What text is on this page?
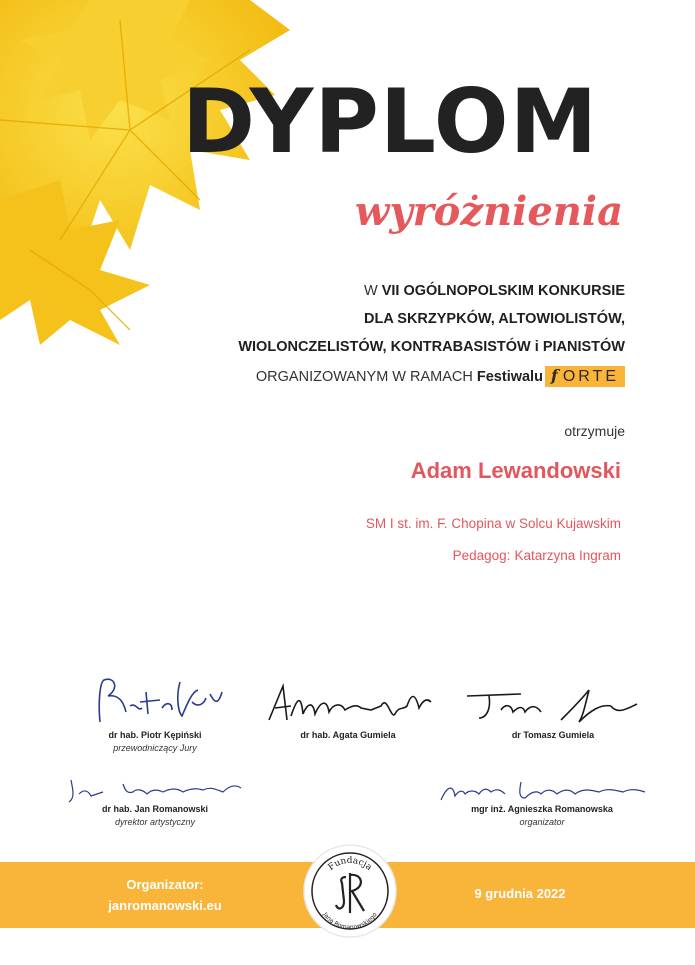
DYPLOM
wyróżnienia
W VII OGÓLNOPOLSKIM KONKURSIE
DLA SKRZYPKÓW, ALTOWIOLISTÓW,
WIOLONCZELISTÓW, KONTRABASISTÓW i PIANISTÓW
ORGANIZOWANYM W RAMACH Festiwalu fORTE
otrzymuje
Adam Lewandowski
SM I st. im. F. Chopina w Solcu Kujawskim
Pedagog: Katarzyna Ingram
dr hab. Piotr Kępiński
przewodniczący Jury
dr hab. Agata Gumiela	dr Tomasz Gumiela
dr hab. Jan Romanowski
dyrektor artystyczny
mgr inż. Agnieszka Romanowska
organizator
Organizator:
janromanowski.eu
9 grudnia 2022
Fundacja
Jana Romanowskiego
